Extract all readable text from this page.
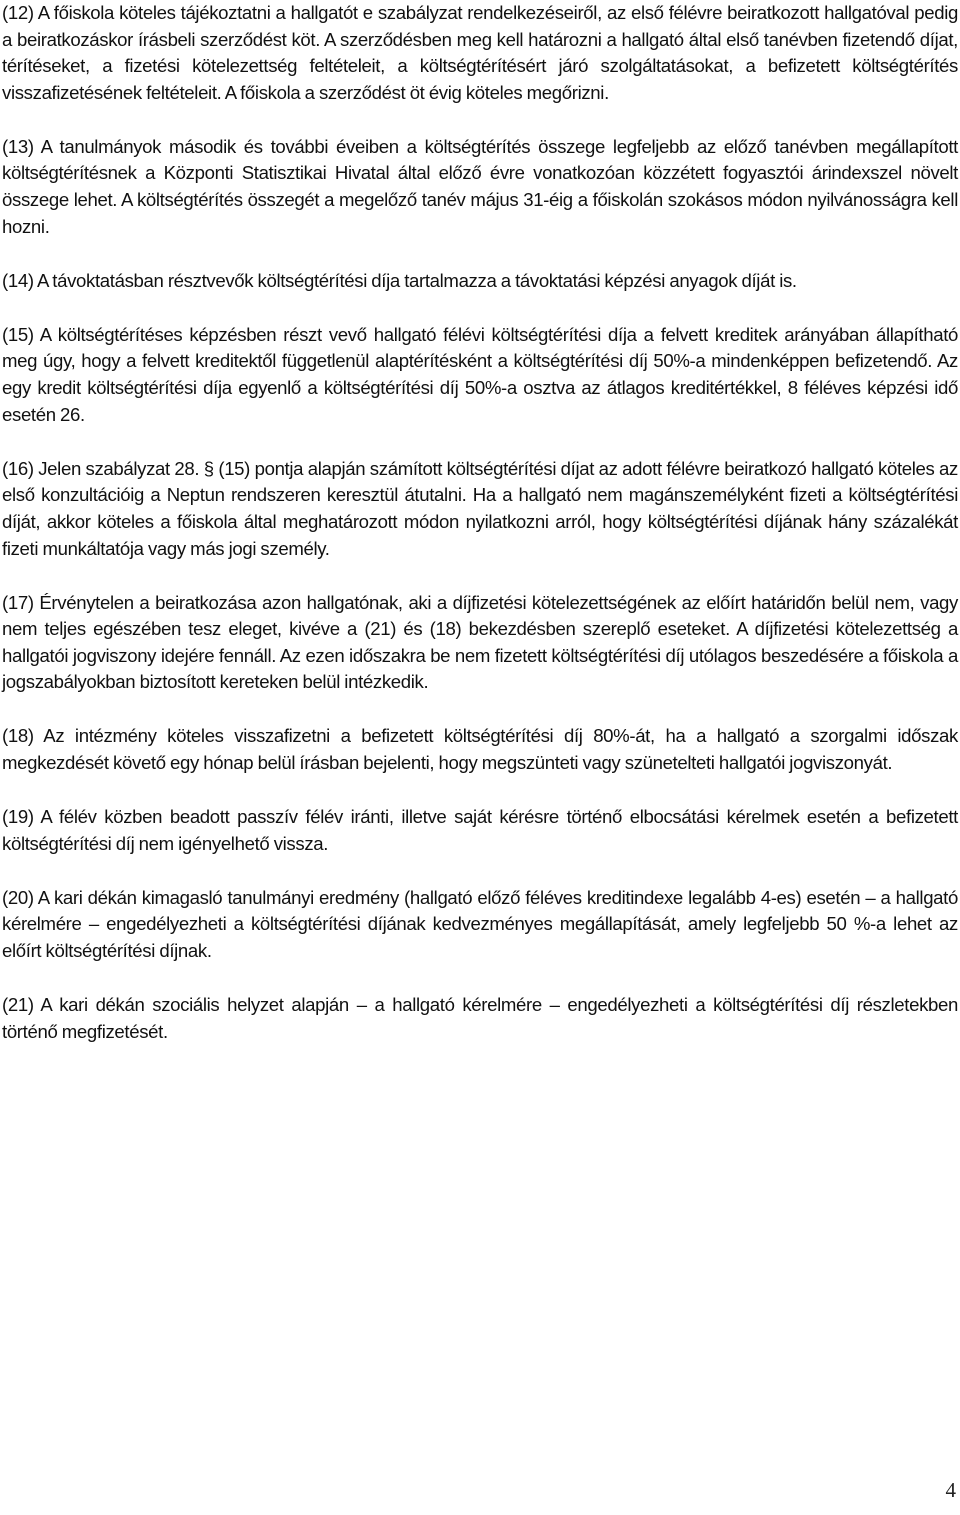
(12) A főiskola köteles tájékoztatni a hallgatót e szabályzat rendelkezéseiről, az első félévre beiratkozott hallgatóval pedig a beiratkozáskor írásbeli szerződést köt. A szerződésben meg kell határozni a hallgató által első tanévben fizetendő díjat, térítéseket, a fizetési kötelezettség feltételeit, a költségtérítésért járó szolgáltatásokat, a befizetett költségtérítés visszafizetésének feltételeit. A főiskola a szerződést öt évig köteles megőrizni.

(13) A tanulmányok második és további éveiben a költségtérítés összege legfeljebb az előző tanévben megállapított költségtérítésnek a Központi Statisztikai Hivatal által előző évre vonatkozóan közzétett fogyasztói árindexszel növelt összege lehet. A költségtérítés összegét a megelőző tanév május 31-éig a főiskolán szokásos módon nyilvánosságra kell hozni.

(14) A távoktatásban résztvevők költségtérítési díja tartalmazza a távoktatási képzési anyagok díját is.

(15) A költségtérítéses képzésben részt vevő hallgató félévi költségtérítési díja a felvett kreditek arányában állapítható meg úgy, hogy a felvett kreditektől függetlenül alaptérítésként a költségtérítési díj 50%-a mindenképpen befizetendő. Az egy kredit költségtérítési díja egyenlő a költségtérítési díj 50%-a osztva az átlagos kreditértékkel, 8 féléves képzési idő esetén 26.

(16) Jelen szabályzat 28. § (15) pontja alapján számított költségtérítési díjat az adott félévre beiratkozó hallgató köteles az első konzultációig a Neptun rendszeren keresztül átutalni. Ha a hallgató nem magánszemélyként fizeti a költségtérítési díját, akkor köteles a főiskola által meghatározott módon nyilatkozni arról, hogy költségtérítési díjának hány százalékát fizeti munkáltatója vagy más jogi személy.

(17) Érvénytelen a beiratkozása azon hallgatónak, aki a díjfizetési kötelezettségének az előírt határidőn belül nem, vagy nem teljes egészében tesz eleget, kivéve a (21) és (18) bekezdésben szereplő eseteket. A díjfizetési kötelezettség a hallgatói jogviszony idejére fennáll. Az ezen időszakra be nem fizetett költségtérítési díj utólagos beszedésére a főiskola a jogszabályokban biztosított kereteken belül intézkedik.

(18) Az intézmény köteles visszafizetni a befizetett költségtérítési díj 80%-át, ha a hallgató a szorgalmi időszak megkezdését követő egy hónap belül írásban bejelenti, hogy megszünteti vagy szünetelteti hallgatói jogviszonyát.

(19) A félév közben beadott passzív félév iránti, illetve saját kérésre történő elbocsátási kérelmek esetén a befizetett költségtérítési díj nem igényelhető vissza.

(20) A kari dékán kimagasló tanulmányi eredmény (hallgató előző féléves kreditindexe legalább 4-es) esetén – a hallgató kérelmére – engedélyezheti a költségtérítési díjának kedvezményes megállapítását, amely legfeljebb 50 %-a lehet az előírt költségtérítési díjnak.

(21) A kari dékán szociális helyzet alapján – a hallgató kérelmére – engedélyezheti a költségtérítési díj részletekben történő megfizetését.

4
